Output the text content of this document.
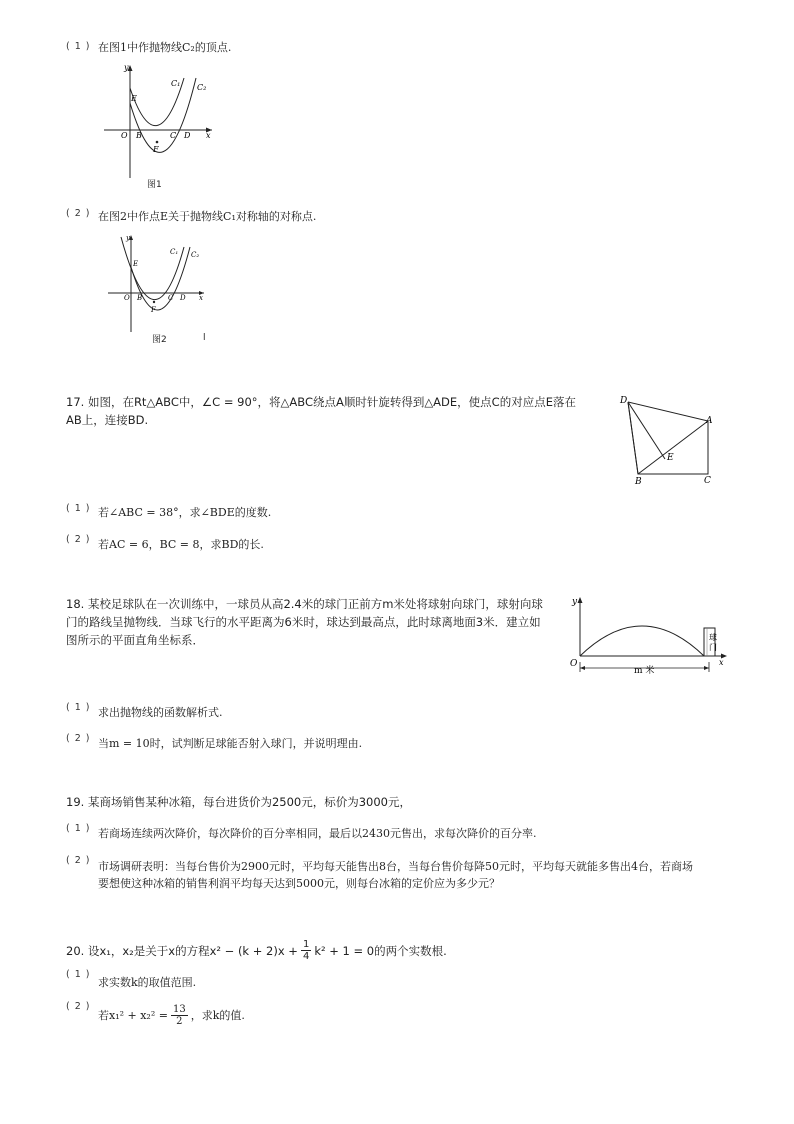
( 1 ) 在图1中作抛物线C₂的顶点.
y
x
O B	C D
E
F
C₁ C₂
图1
( 2 ) 在图2中作点E关于抛物线C₁对称轴的对称点.
y
x
O B	C D
E
F
C₁ C₂
图2	l
17. 如图，在Rt△ABC中，∠C = 90°，将△ABC绕点A顺时针旋转得到△ADE，使点C的对应点E落在
AB上，连接BD.
D
A
E
B	C
( 1 ) 若∠ABC = 38°，求∠BDE的度数.
( 2 ) 若AC = 6，BC = 8，求BD的长.
18. 某校足球队在一次训练中，一球员从高2.4米的球门正前方m米处将球射向球门，球射向球
门的路线呈抛物线．当球飞行的水平距离为6米时，球达到最高点，此时球离地面3米．建立如
图所示的平面直角坐标系．
O
y
x
m 米
球
门
( 1 ) 求出抛物线的函数解析式.
( 2 ) 当m = 10时，试判断足球能否射入球门，并说明理由.
19. 某商场销售某种冰箱，每台进货价为2500元，标价为3000元，
( 1 ) 若商场连续两次降价，每次降价的百分率相同，最后以2430元售出，求每次降价的百分率.
( 2 ) 市场调研表明：当每台售价为2900元时，平均每天能售出8台，当每台售价每降50元时，平均每天就能多售出4台，若商场
要想使这种冰箱的销售利润平均每天达到5000元，则每台冰箱的定价应为多少元？
20. 设x₁，x₂是关于x的方程$x^2 - (k + 2)x + \frac{1}{4} k^2 + 1 = 0$的两个实数根.
( 1 )
求实数k的取值范围.
( 2 )
若$x_1^2 + x_2^2 = \frac{13}{2}$ ，求k的值.
